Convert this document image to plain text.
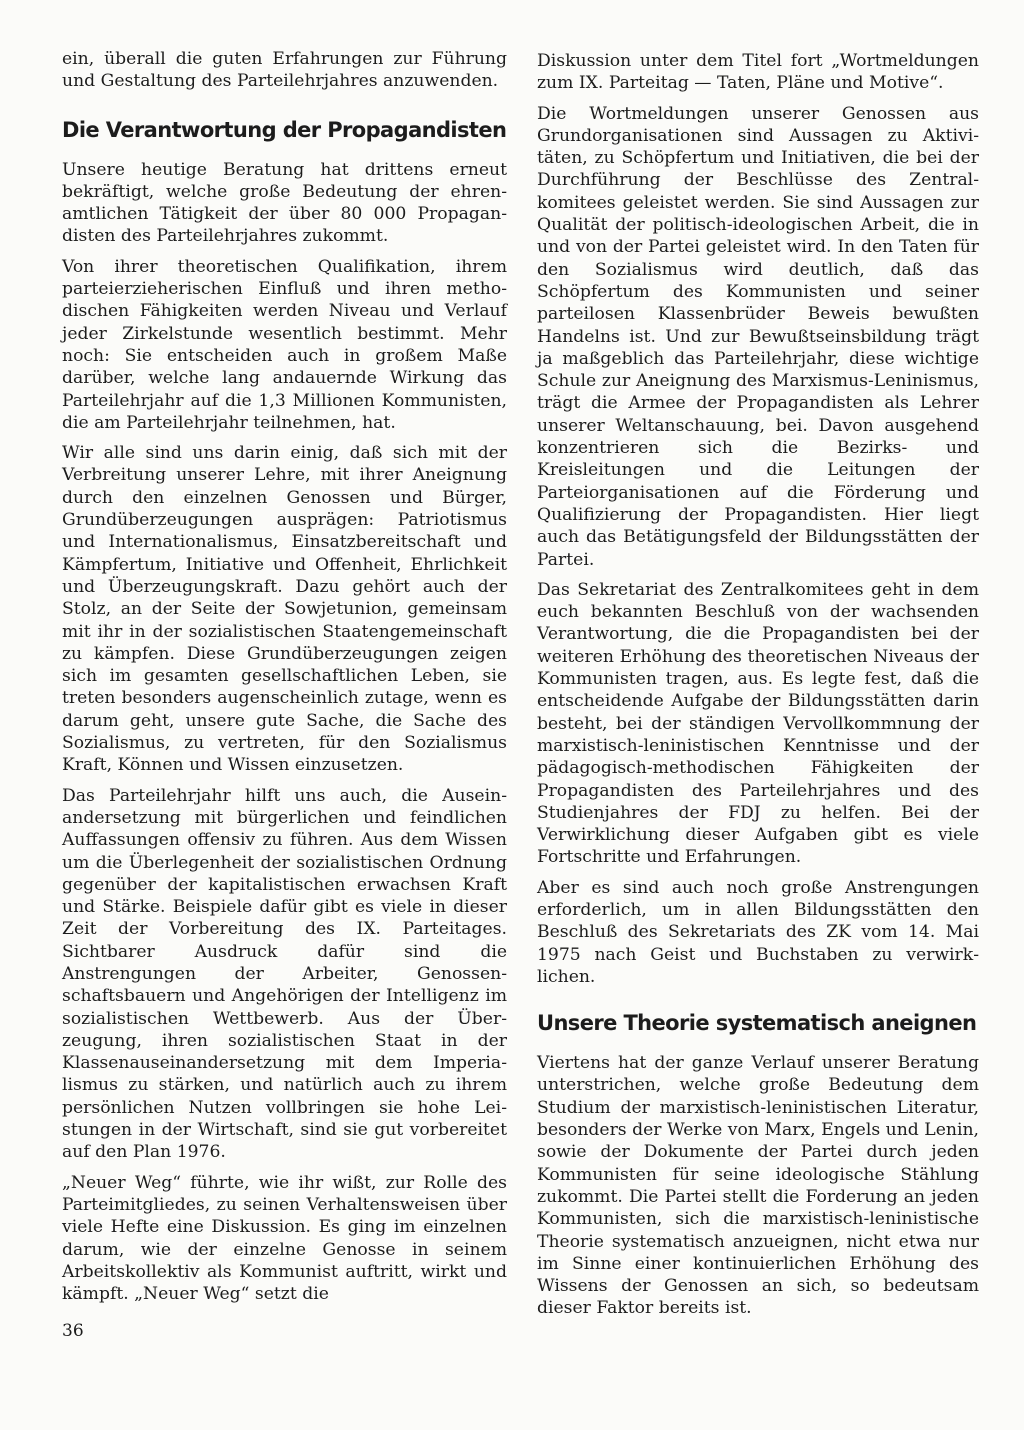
ein, überall die guten Erfahrungen zur Führung und Gestaltung des Parteilehrjahres anzuwenden.

Die Verantwortung der Propagandisten

Unsere heutige Beratung hat drittens erneut bekräftigt, welche große Bedeutung der ehrenamtlichen Tätigkeit der über 80 000 Propagandisten des Parteilehrjahres zukommt.

Von ihrer theoretischen Qualifikation, ihrem parteierzieherischen Einfluß und ihren methodischen Fähigkeiten werden Niveau und Verlauf jeder Zirkelstunde wesentlich bestimmt. Mehr noch: Sie entscheiden auch in großem Maße darüber, welche lang andauernde Wirkung das Parteilehrjahr auf die 1,3 Millionen Kommunisten, die am Parteilehrjahr teilnehmen, hat.

Wir alle sind uns darin einig, daß sich mit der Verbreitung unserer Lehre, mit ihrer Aneignung durch den einzelnen Genossen und Bürger, Grundüberzeugungen ausprägen: Patriotismus und Internationalismus, Einsatzbereitschaft und Kämpfertum, Initiative und Offenheit, Ehrlichkeit und Überzeugungskraft. Dazu gehört auch der Stolz, an der Seite der Sowjetunion, gemeinsam mit ihr in der sozialistischen Staatengemeinschaft zu kämpfen. Diese Grundüberzeugungen zeigen sich im gesamten gesellschaftlichen Leben, sie treten besonders augenscheinlich zutage, wenn es darum geht, unsere gute Sache, die Sache des Sozialismus, zu vertreten, für den Sozialismus Kraft, Können und Wissen einzusetzen.

Das Parteilehrjahr hilft uns auch, die Auseinandersetzung mit bürgerlichen und feindlichen Auffassungen offensiv zu führen. Aus dem Wissen um die Überlegenheit der sozialistischen Ordnung gegenüber der kapitalistischen erwachsen Kraft und Stärke. Beispiele dafür gibt es viele in dieser Zeit der Vorbereitung des IX. Parteitages. Sichtbarer Ausdruck dafür sind die Anstrengungen der Arbeiter, Genossenschaftsbauern und Angehörigen der Intelligenz im sozialistischen Wettbewerb. Aus der Überzeugung, ihren sozialistischen Staat in der Klassenauseinandersetzung mit dem Imperialismus zu stärken, und natürlich auch zu ihrem persönlichen Nutzen vollbringen sie hohe Leistungen in der Wirtschaft, sind sie gut vorbereitet auf den Plan 1976.

„Neuer Weg“ führte, wie ihr wißt, zur Rolle des Parteimitgliedes, zu seinen Verhaltensweisen über viele Hefte eine Diskussion. Es ging im einzelnen darum, wie der einzelne Genosse in seinem Arbeitskollektiv als Kommunist auftritt, wirkt und kämpft. „Neuer Weg“ setzt die

Diskussion unter dem Titel fort „Wortmeldungen zum IX. Parteitag — Taten, Pläne und Motive“.

Die Wortmeldungen unserer Genossen aus Grundorganisationen sind Aussagen zu Aktivitäten, zu Schöpfertum und Initiativen, die bei der Durchführung der Beschlüsse des Zentralkomitees geleistet werden. Sie sind Aussagen zur Qualität der politisch-ideologischen Arbeit, die in und von der Partei geleistet wird. In den Taten für den Sozialismus wird deutlich, daß das Schöpfertum des Kommunisten und seiner parteilosen Klassenbrüder Beweis bewußten Handelns ist. Und zur Bewußtseinsbildung trägt ja maßgeblich das Parteilehrjahr, diese wichtige Schule zur Aneignung des Marxismus-Leninismus, trägt die Armee der Propagandisten als Lehrer unserer Weltanschauung, bei. Davon ausgehend konzentrieren sich die Bezirks- und Kreisleitungen und die Leitungen der Parteiorganisationen auf die Förderung und Qualifizierung der Propagandisten. Hier liegt auch das Betätigungsfeld der Bildungsstätten der Partei.

Das Sekretariat des Zentralkomitees geht in dem euch bekannten Beschluß von der wachsenden Verantwortung, die die Propagandisten bei der weiteren Erhöhung des theoretischen Niveaus der Kommunisten tragen, aus. Es legte fest, daß die entscheidende Aufgabe der Bildungsstätten darin besteht, bei der ständigen Vervollkommnung der marxistisch-leninistischen Kenntnisse und der pädagogisch-methodischen Fähigkeiten der Propagandisten des Parteilehrjahres und des Studienjahres der FDJ zu helfen. Bei der Verwirklichung dieser Aufgaben gibt es viele Fortschritte und Erfahrungen.

Aber es sind auch noch große Anstrengungen erforderlich, um in allen Bildungsstätten den Beschluß des Sekretariats des ZK vom 14. Mai 1975 nach Geist und Buchstaben zu verwirklichen.

Unsere Theorie systematisch aneignen

Viertens hat der ganze Verlauf unserer Beratung unterstrichen, welche große Bedeutung dem Studium der marxistisch-leninistischen Literatur, besonders der Werke von Marx, Engels und Lenin, sowie der Dokumente der Partei durch jeden Kommunisten für seine ideologische Stählung zukommt. Die Partei stellt die Forderung an jeden Kommunisten, sich die marxistisch-leninistische Theorie systematisch anzueignen, nicht etwa nur im Sinne einer kontinuierlichen Erhöhung des Wissens der Genossen an sich, so bedeutsam dieser Faktor bereits ist.

36
